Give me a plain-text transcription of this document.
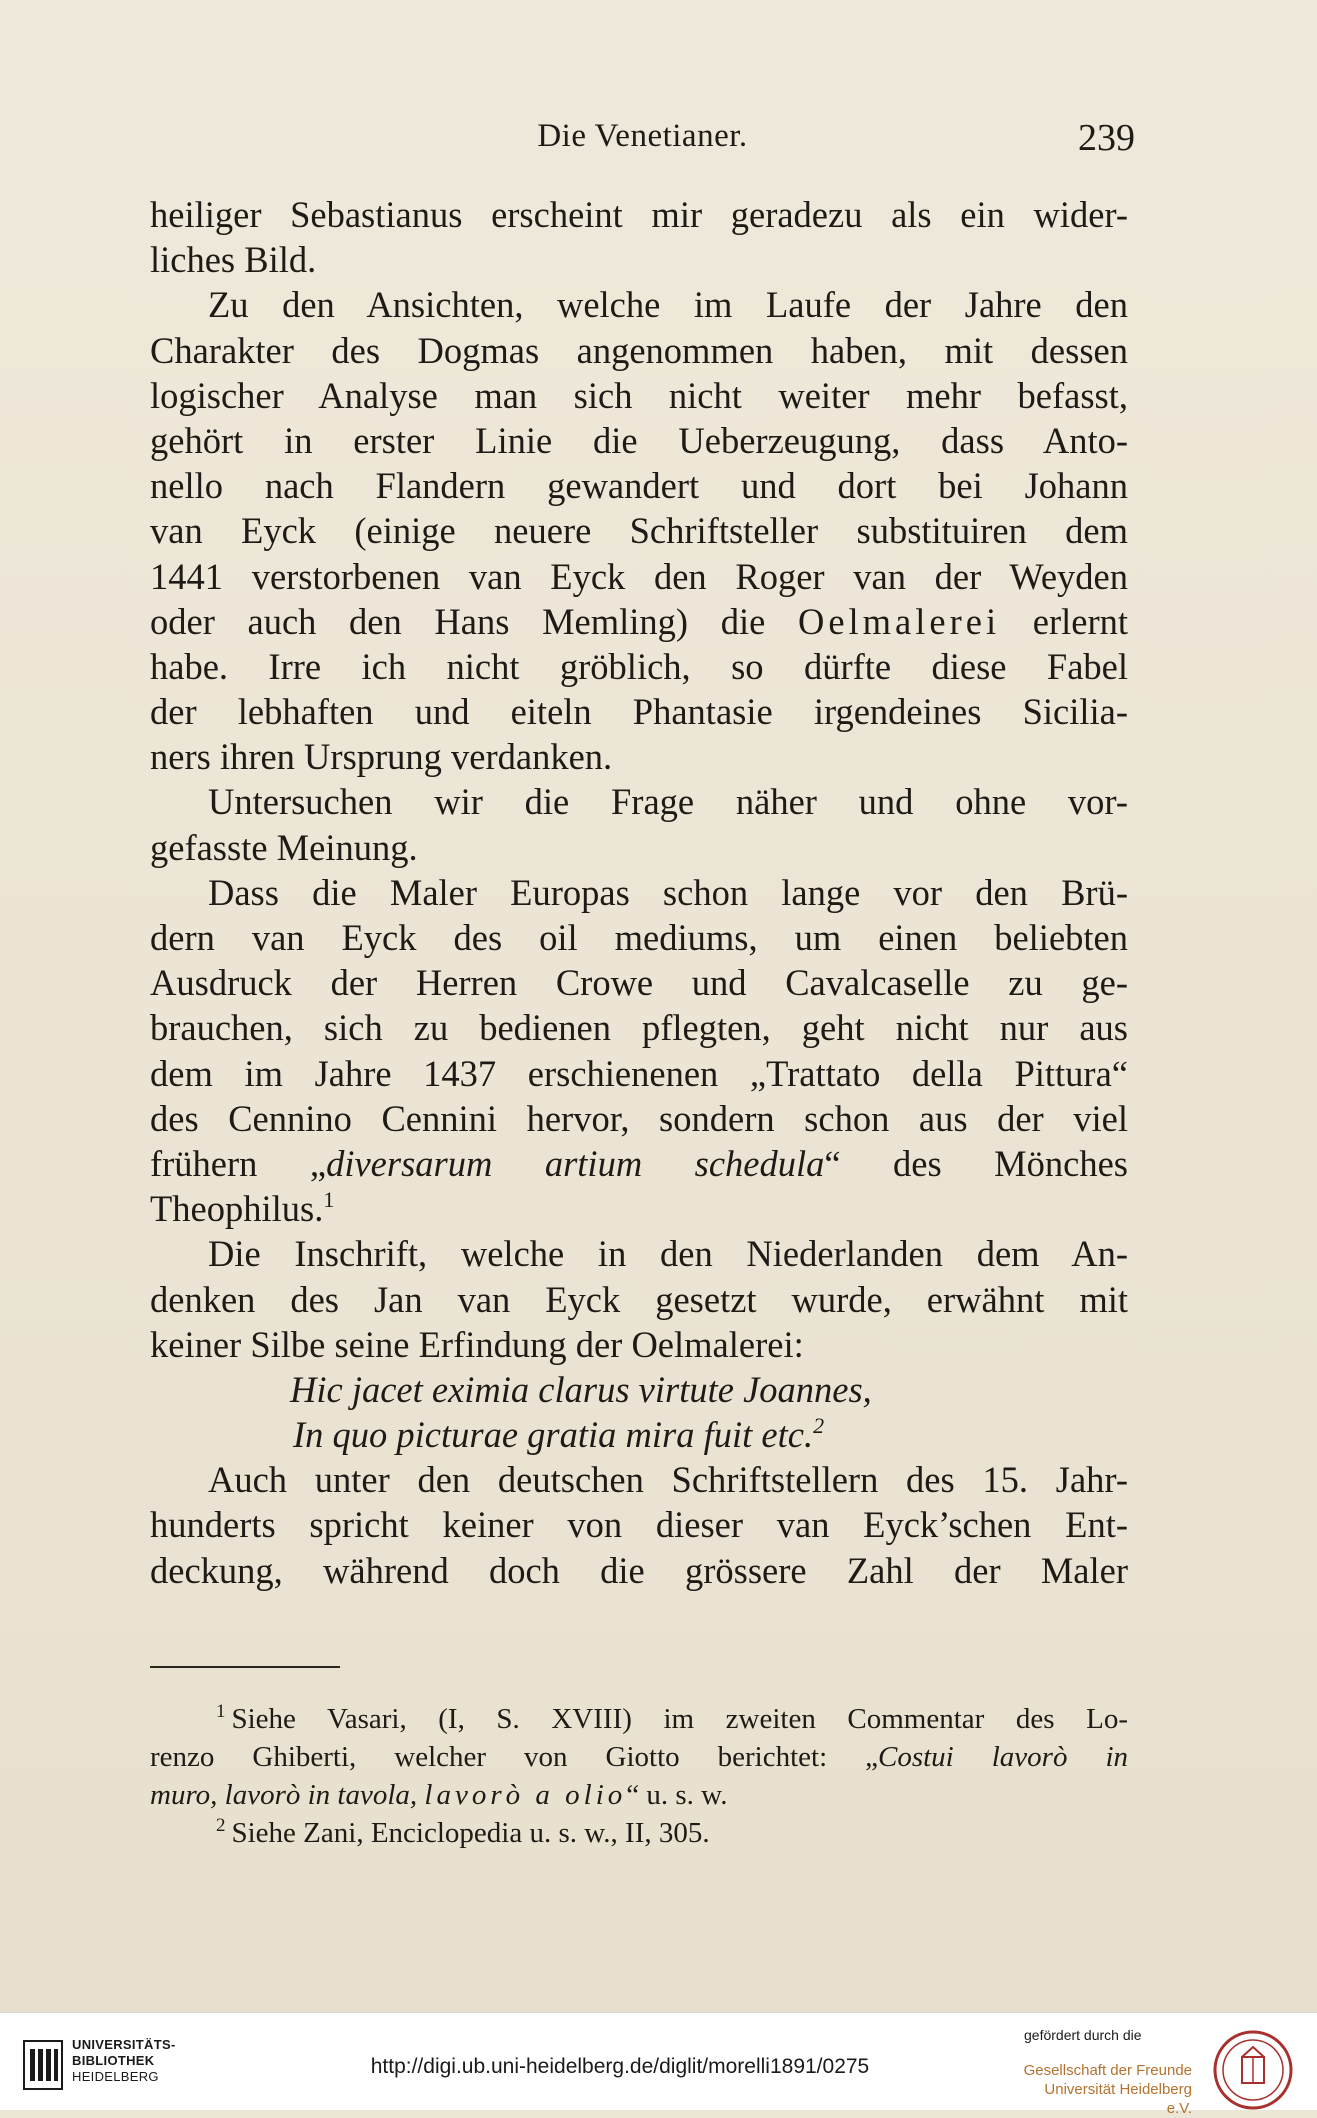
Die Venetianer.	239
heiliger Sebastianus erscheint mir geradezu als ein wider-
liches Bild.
Zu den Ansichten, welche im Laufe der Jahre den
Charakter des Dogmas angenommen haben, mit dessen
logischer Analyse man sich nicht weiter mehr befasst,
gehört in erster Linie die Ueberzeugung, dass Anto-
nello nach Flandern gewandert und dort bei Johann
van Eyck (einige neuere Schriftsteller substituiren dem
1441 verstorbenen van Eyck den Roger van der Weyden
oder auch den Hans Memling) die Oelmalerei erlernt
habe. Irre ich nicht gröblich, so dürfte diese Fabel
der lebhaften und eiteln Phantasie irgendeines Sicilia-
ners ihren Ursprung verdanken.
Untersuchen wir die Frage näher und ohne vor-
gefasste Meinung.
Dass die Maler Europas schon lange vor den Brü-
dern van Eyck des oil mediums, um einen beliebten
Ausdruck der Herren Crowe und Cavalcaselle zu ge-
brauchen, sich zu bedienen pflegten, geht nicht nur aus
dem im Jahre 1437 erschienenen „Trattato della Pittura“
des Cennino Cennini hervor, sondern schon aus der viel
frühern „diversarum artium schedula“ des Mönches
Theophilus.$^1$
Die Inschrift, welche in den Niederlanden dem An-
denken des Jan van Eyck gesetzt wurde, erwähnt mit
keiner Silbe seine Erfindung der Oelmalerei:
Hic jacet eximia clarus virtute Joannes,
In quo picturae gratia mira fuit etc.$^2$
Auch unter den deutschen Schriftstellern des 15. Jahr-
hunderts spricht keiner von dieser van Eyck’schen Ent-
deckung, während doch die grössere Zahl der Maler
$^1$ Siehe Vasari, (I, S. XVIII) im zweiten Commentar des Lo-
renzo Ghiberti, welcher von Giotto berichtet: „Costui lavorò in
muro, lavorò in tavola, lavorò a olio“ u. s. w.
$^2$ Siehe Zani, Enciclopedia u. s. w., II, 305.
UNIVERSITÄTS-
BIBLIOTHEK
HEIDELBERG	http://digi.ub.uni-heidelberg.de/diglit/morelli1891/0275
gefördert durch die
Gesellschaft der Freunde
Universität Heidelberg e.V.
